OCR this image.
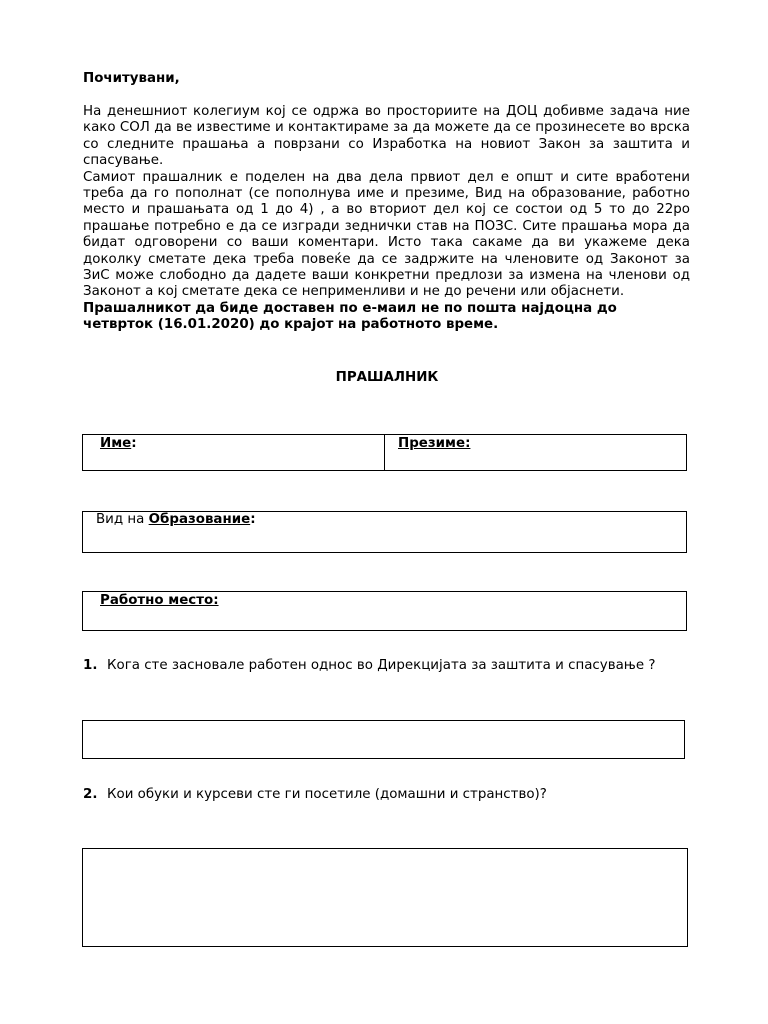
Почитувани,

На денешниот колегиум кој се одржа во просториите на ДОЦ добивме задача ние како СОЛ да ве известиме и контактираме за да можете да се прозинесете во врска со следните прашања а поврзани со Изработка на новиот Закон за заштита и спасување.

Самиот прашалник е поделен на два дела првиот дел е општ и сите вработени треба да го пополнат (се пополнува име и презиме, Вид на образование, работно место и прашањата од 1 до 4) , а во вториот дел кој се состои од 5 то до 22ро прашање потребно е да се изгради зеднички став на ПОЗС. Сите прашања мора да бидат одговорени со ваши коментари. Исто така сакаме да ви укажеме дека доколку сметате дека треба повеќе да се задржите на членовите од Законот за ЗиС може слободно да дадете ваши конкретни предлози за измена на членови од Законот а кој сметате дека се неприменливи и не до речени или објаснети.

Прашалникот да биде доставен по е-маил не по пошта најдоцна до четврток (16.01.2020) до крајот на работното време.

ПРАШАЛНИК
Име:	Презиме:
Вид на Образование:
Работно место:
1. Кога сте засновале работен однос во Дирекцијата за заштита и спасување ?
2. Кои обуки и курсеви сте ги посетиле (домашни и странство)?
